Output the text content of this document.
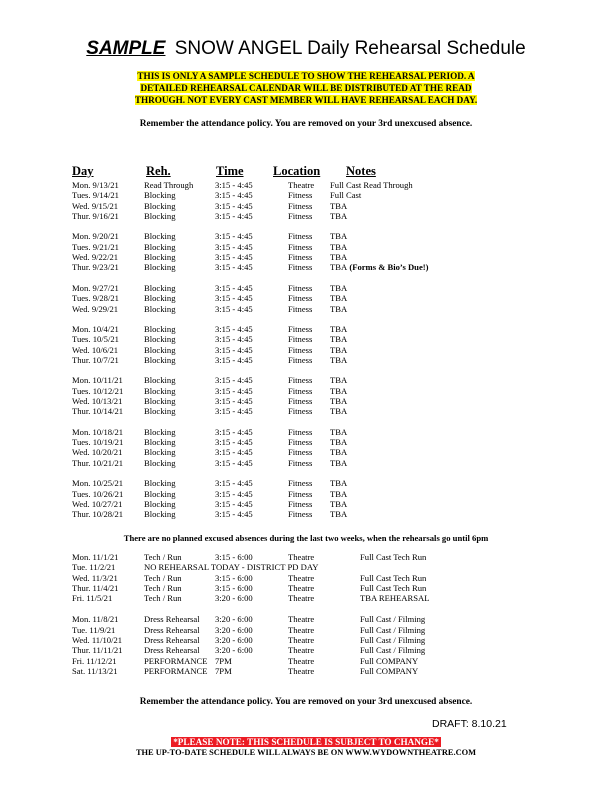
SAMPLE SNOW ANGEL Daily Rehearsal Schedule
THIS IS ONLY A SAMPLE SCHEDULE TO SHOW THE REHEARSAL PERIOD. A
DETAILED REHEARSAL CALENDAR WILL BE DISTRIBUTED AT THE READ
THROUGH. NOT EVERY CAST MEMBER WILL HAVE REHEARSAL EACH DAY.
Remember the attendance policy. You are removed on your 3rd unexcused absence.
Day	Reh.	Time Location Notes
Mon. 9/13/21	Read Through	3:15 - 4:45	Theatre Full Cast Read Through
Tues. 9/14/21	Blocking	3:15 - 4:45	Fitness Full Cast
Wed. 9/15/21	Blocking	3:15 - 4:45	Fitness TBA
Thur. 9/16/21	Blocking	3:15 - 4:45	Fitness TBA
Mon. 9/20/21	Blocking	3:15 - 4:45	Fitness TBA
Tues. 9/21/21	Blocking	3:15 - 4:45	Fitness TBA
Wed. 9/22/21	Blocking	3:15 - 4:45	Fitness TBA
Thur. 9/23/21	Blocking	3:15 - 4:45	Fitness TBA (Forms & Bio’s Due!)
Mon. 9/27/21	Blocking	3:15 - 4:45	Fitness TBA
Tues. 9/28/21	Blocking	3:15 - 4:45	Fitness TBA
Wed. 9/29/21	Blocking	3:15 - 4:45	Fitness TBA
Mon. 10/4/21	Blocking	3:15 - 4:45	Fitness TBA
Tues. 10/5/21	Blocking	3:15 - 4:45	Fitness TBA
Wed. 10/6/21	Blocking	3:15 - 4:45	Fitness TBA
Thur. 10/7/21	Blocking	3:15 - 4:45	Fitness TBA
Mon. 10/11/21 Blocking	3:15 - 4:45	Fitness TBA
Tues. 10/12/21 Blocking	3:15 - 4:45	Fitness TBA
Wed. 10/13/21	Blocking	3:15 - 4:45	Fitness TBA
Thur. 10/14/21 Blocking	3:15 - 4:45	Fitness TBA
Mon. 10/18/21 Blocking	3:15 - 4:45	Fitness TBA
Tues. 10/19/21 Blocking	3:15 - 4:45	Fitness TBA
Wed. 10/20/21	Blocking	3:15 - 4:45	Fitness TBA
Thur. 10/21/21 Blocking	3:15 - 4:45	Fitness TBA
Mon. 10/25/21 Blocking	3:15 - 4:45	Fitness TBA
Tues. 10/26/21 Blocking	3:15 - 4:45	Fitness TBA
Wed. 10/27/21	Blocking	3:15 - 4:45	Fitness TBA
Thur. 10/28/21 Blocking	3:15 - 4:45	Fitness TBA
There are no planned excused absences during the last two weeks, when the rehearsals go until 6pm
Mon. 11/1/21	Tech / Run	3:15 - 6:00	Theatre	Full Cast Tech Run
Tue. 11/2/21	NO REHEARSAL TODAY - DISTRICT PD DAY
Wed. 11/3/21	Tech / Run	3:15 - 6:00	Theatre	Full Cast Tech Run
Thur. 11/4/21	Tech / Run	3:15 - 6:00	Theatre	Full Cast Tech Run
Fri. 11/5/21	Tech / Run	3:20 - 6:00	Theatre	TBA REHEARSAL
Mon. 11/8/21	Dress Rehearsal 3:20 - 6:00	Theatre	Full Cast / Filming
Tue. 11/9/21	Dress Rehearsal 3:20 - 6:00	Theatre	Full Cast / Filming
Wed. 11/10/21	Dress Rehearsal 3:20 - 6:00	Theatre	Full Cast / Filming
Thur. 11/11/21	Dress Rehearsal 3:20 - 6:00	Theatre	Full Cast / Filming
Fri. 11/12/21	PERFORMANCE 7PM	Theatre	Full COMPANY
Sat. 11/13/21	PERFORMANCE 7PM	Theatre	Full COMPANY
Remember the attendance policy. You are removed on your 3rd unexcused absence.
DRAFT: 8.10.21
*PLEASE NOTE: THIS SCHEDULE IS SUBJECT TO CHANGE*
THE UP-TO-DATE SCHEDULE WILL ALWAYS BE ON WWW.WYDOWNTHEATRE.COM
